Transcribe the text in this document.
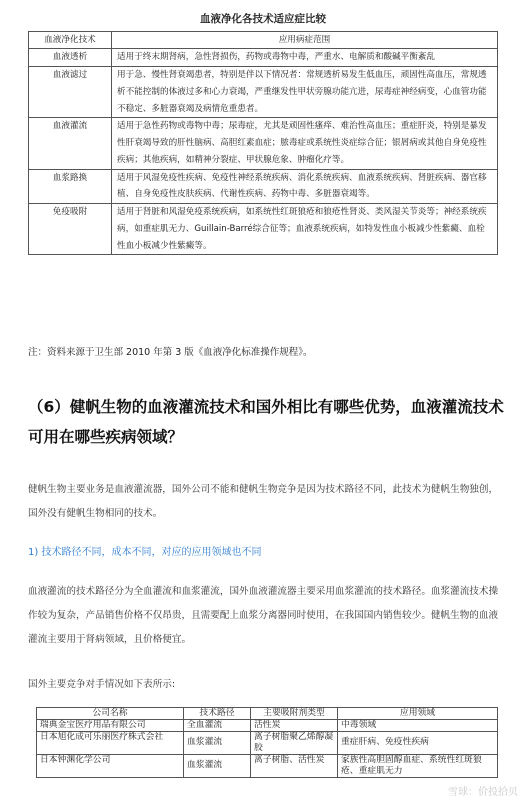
血液净化各技术适应症比较
血液净化技术	应用病症范围
血液透析	适用于终末期肾病，急性肾损伤，药物或毒物中毒，严重水、电解质和酸碱平衡紊乱
血液滤过	用于急、慢性肾衰竭患者，特别是伴以下情况者：常规透析易发生低血压，顽固性高血压，常规透析不能控制的体液过多和心力衰竭，严重继发性甲状旁腺功能亢进，尿毒症神经病变，心血管功能不稳定、多脏器衰竭及病情危重患者。
血液灌流	适用于急性药物或毒物中毒；尿毒症，尤其是顽固性瘙痒、难治性高血压；重症肝炎，特别是暴发性肝衰竭导致的肝性脑病、高胆红素血症；脓毒症或系统性炎症综合征；银屑病或其他自身免疫性疾病；其他疾病，如精神分裂症、甲状腺危象、肿瘤化疗等。
血浆路换	适用于风湿免疫性疾病、免疫性神经系统疾病、消化系统疾病、血液系统疾病、肾脏疾病、器官移植、自身免疫性皮肤疾病、代谢性疾病、药物中毒、多脏器衰竭等。
免疫吸附	适用于肾脏和风湿免疫系统疾病，如系统性红斑狼疮和狼疮性肾炎、类风湿关节炎等；神经系统疾病，如重症肌无力、Guillain-Barré综合征等；血液系统疾病，如特发性血小板减少性紫癜、血栓性血小板减少性紫癜等。
注：资料来源于卫生部 2010 年第 3 版《血液净化标准操作规程》。
（6）健帆生物的血液灌流技术和国外相比有哪些优势，血液灌流技术可用在哪些疾病领域？
健帆生物主要业务是血液灌流器，国外公司不能和健帆生物竞争是因为技术路径不同，此技术为健帆生物独创，国外没有健帆生物相同的技术。
1) 技术路径不同，成本不同，对应的应用领域也不同
血液灌流的技术路径分为全血灌流和血浆灌流，国外血液灌流器主要采用血浆灌流的技术路径。血浆灌流技术操作较为复杂，产品销售价格不仅昂贵，且需要配上血浆分离器同时使用，在我国国内销售较少。健帆生物的血液灌流主要用于肾病领域，且价格便宜。
国外主要竞争对手情况如下表所示:
公司名称	技术路径	主要吸附剂类型	应用领域
瑞典金宝医疗用品有限公司	全血灌流	活性炭	中毒领域
日本旭化成可乐丽医疗株式会社	血浆灌流	离子树脂聚乙烯醇凝胶	重症肝病、免疫性疾病
日本钟渊化学公司	血浆灌流	离子树脂、活性炭	家族性高胆固醇血症、系统性红斑狼疮、重症肌无力
雪球：价投拾贝
